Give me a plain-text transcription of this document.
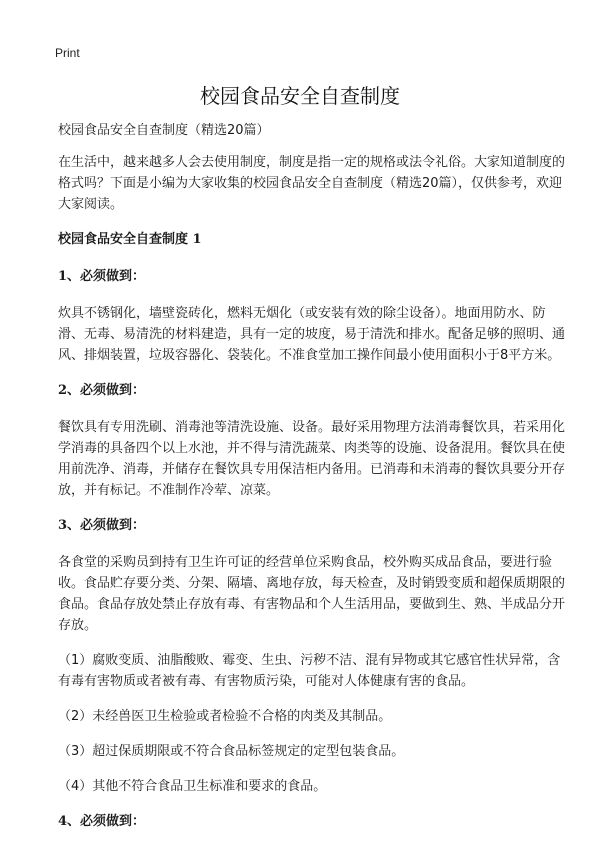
Print
校园食品安全自查制度

校园食品安全自查制度（精选20篇）

在生活中，越来越多人会去使用制度，制度是指一定的规格或法令礼俗。大家知道制度的格式吗？下面是小编为大家收集的校园食品安全自查制度（精选20篇），仅供参考，欢迎大家阅读。

校园食品安全自查制度 1

1、必须做到：

炊具不锈钢化，墙壁瓷砖化，燃料无烟化（或安装有效的除尘设备）。地面用防水、防滑、无毒、易清洗的材料建造，具有一定的坡度，易于清洗和排水。配备足够的照明、通风、排烟装置，垃圾容器化、袋装化。不准食堂加工操作间最小使用面积小于8平方米。

2、必须做到：

餐饮具有专用洗刷、消毒池等清洗设施、设备。最好采用物理方法消毒餐饮具，若采用化学消毒的具备四个以上水池，并不得与清洗蔬菜、肉类等的设施、设备混用。餐饮具在使用前洗净、消毒，并储存在餐饮具专用保洁柜内备用。已消毒和未消毒的餐饮具要分开存放，并有标记。不准制作冷荤、凉菜。

3、必须做到：

各食堂的采购员到持有卫生许可证的经营单位采购食品，校外购买成品食品，要进行验收。食品贮存要分类、分架、隔墙、离地存放，每天检查，及时销毁变质和超保质期限的食品。食品存放处禁止存放有毒、有害物品和个人生活用品，要做到生、熟、半成品分开存放。

（1）腐败变质、油脂酸败、霉变、生虫、污秽不洁、混有异物或其它感官性状异常，含有毒有害物质或者被有毒、有害物质污染，可能对人体健康有害的食品。

（2）未经兽医卫生检验或者检验不合格的肉类及其制品。

（3）超过保质期限或不符合食品标签规定的定型包装食品。

（4）其他不符合食品卫生标准和要求的食品。

4、必须做到：
